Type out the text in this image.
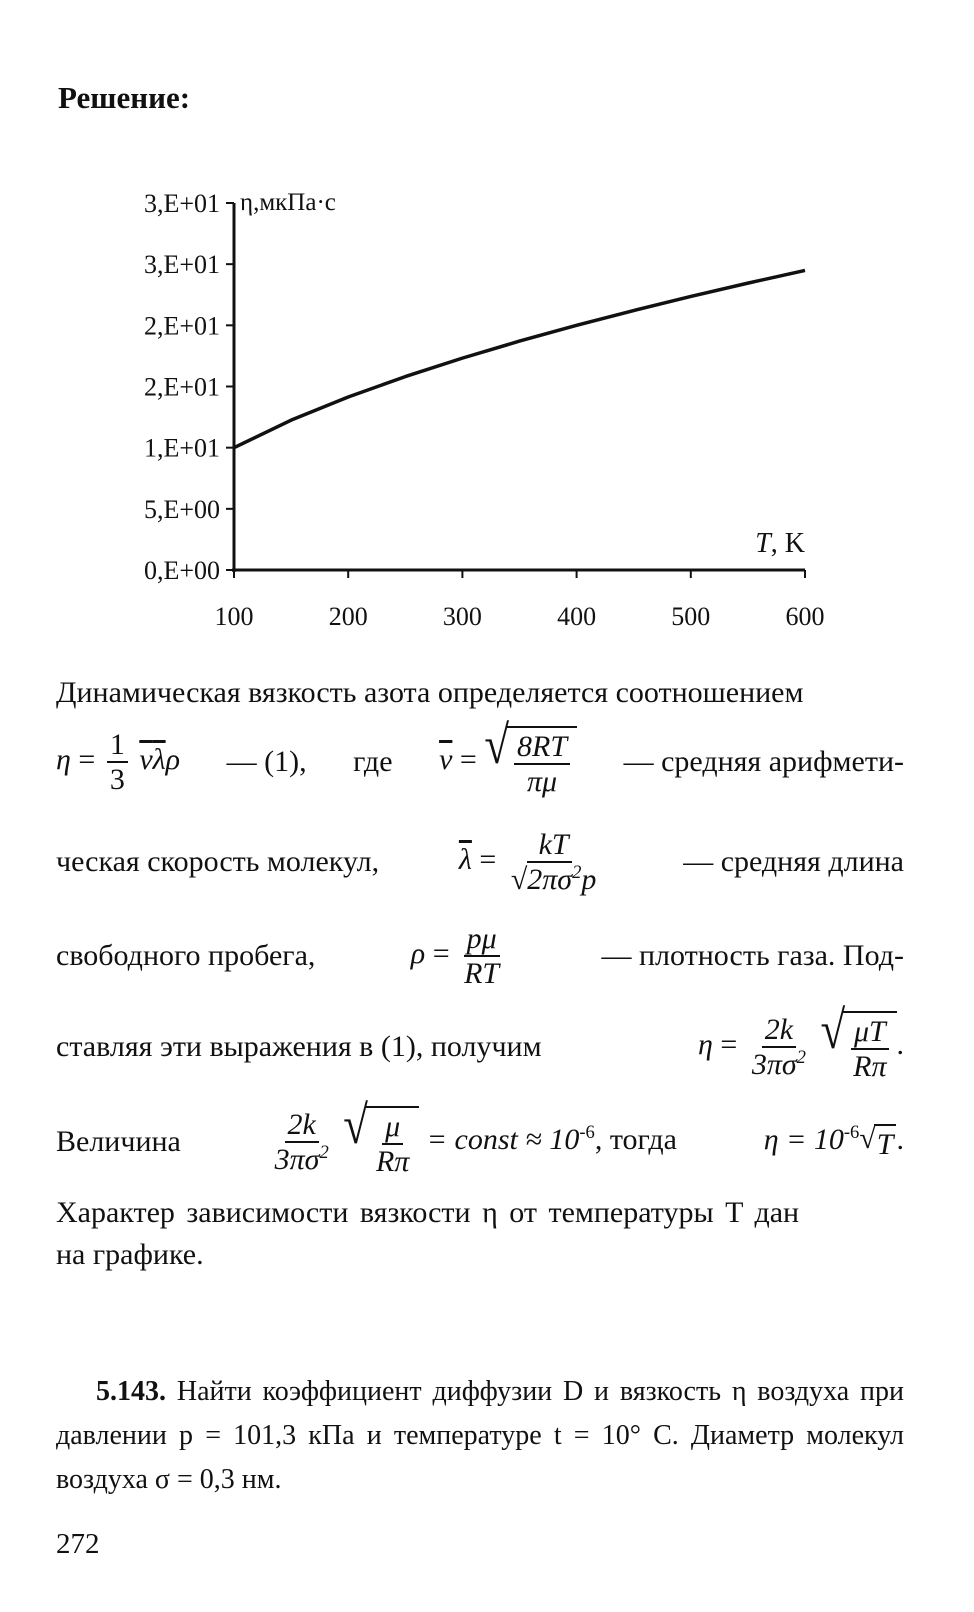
Решение:
0,E+00
5,E+00
1,E+01
2,E+01
2,E+01
3,E+01
3,E+01
100	200	300	400	500	600
η,мкПа·с
T, K
Динамическая вязкость азота определяется соотношением
$\eta = \frac{1}{3} \overline{v}\overline{\lambda}\rho$ — (1), где $\overline{v}$ = √ $\frac{8RT}{\pi\mu}$ — средняя арифмети-
ческая скорость молекул,	$\overline{\lambda} = \frac{kT}{√2\pi\sigma^2p}$	— средняя длина
свободного пробега,	$\rho = \frac{p\mu}{RT}$	— плотность газа. Под-
ставляя эти выражения в (1), получим	$\eta = \frac{2k}{3\pi\sigma^2}$
√ $\frac{\mu T}{R\pi}$ .
Величина	$\frac{2k}{3\pi\sigma^2}$
√ $\frac{\mu}{R\pi}$ = const ≈ $10^{-6}$, тогда	$\eta = 10^{-6}$ √ T .
Характер зависимости вязкости η от температуры T дан
на графике.

5.143. Найти коэффициент диффузии D и вязкость η воздуха при давлении p = 101,3 кПа и температуре t = 10° C. Диаметр молекул воздуха σ = 0,3 нм.

272
